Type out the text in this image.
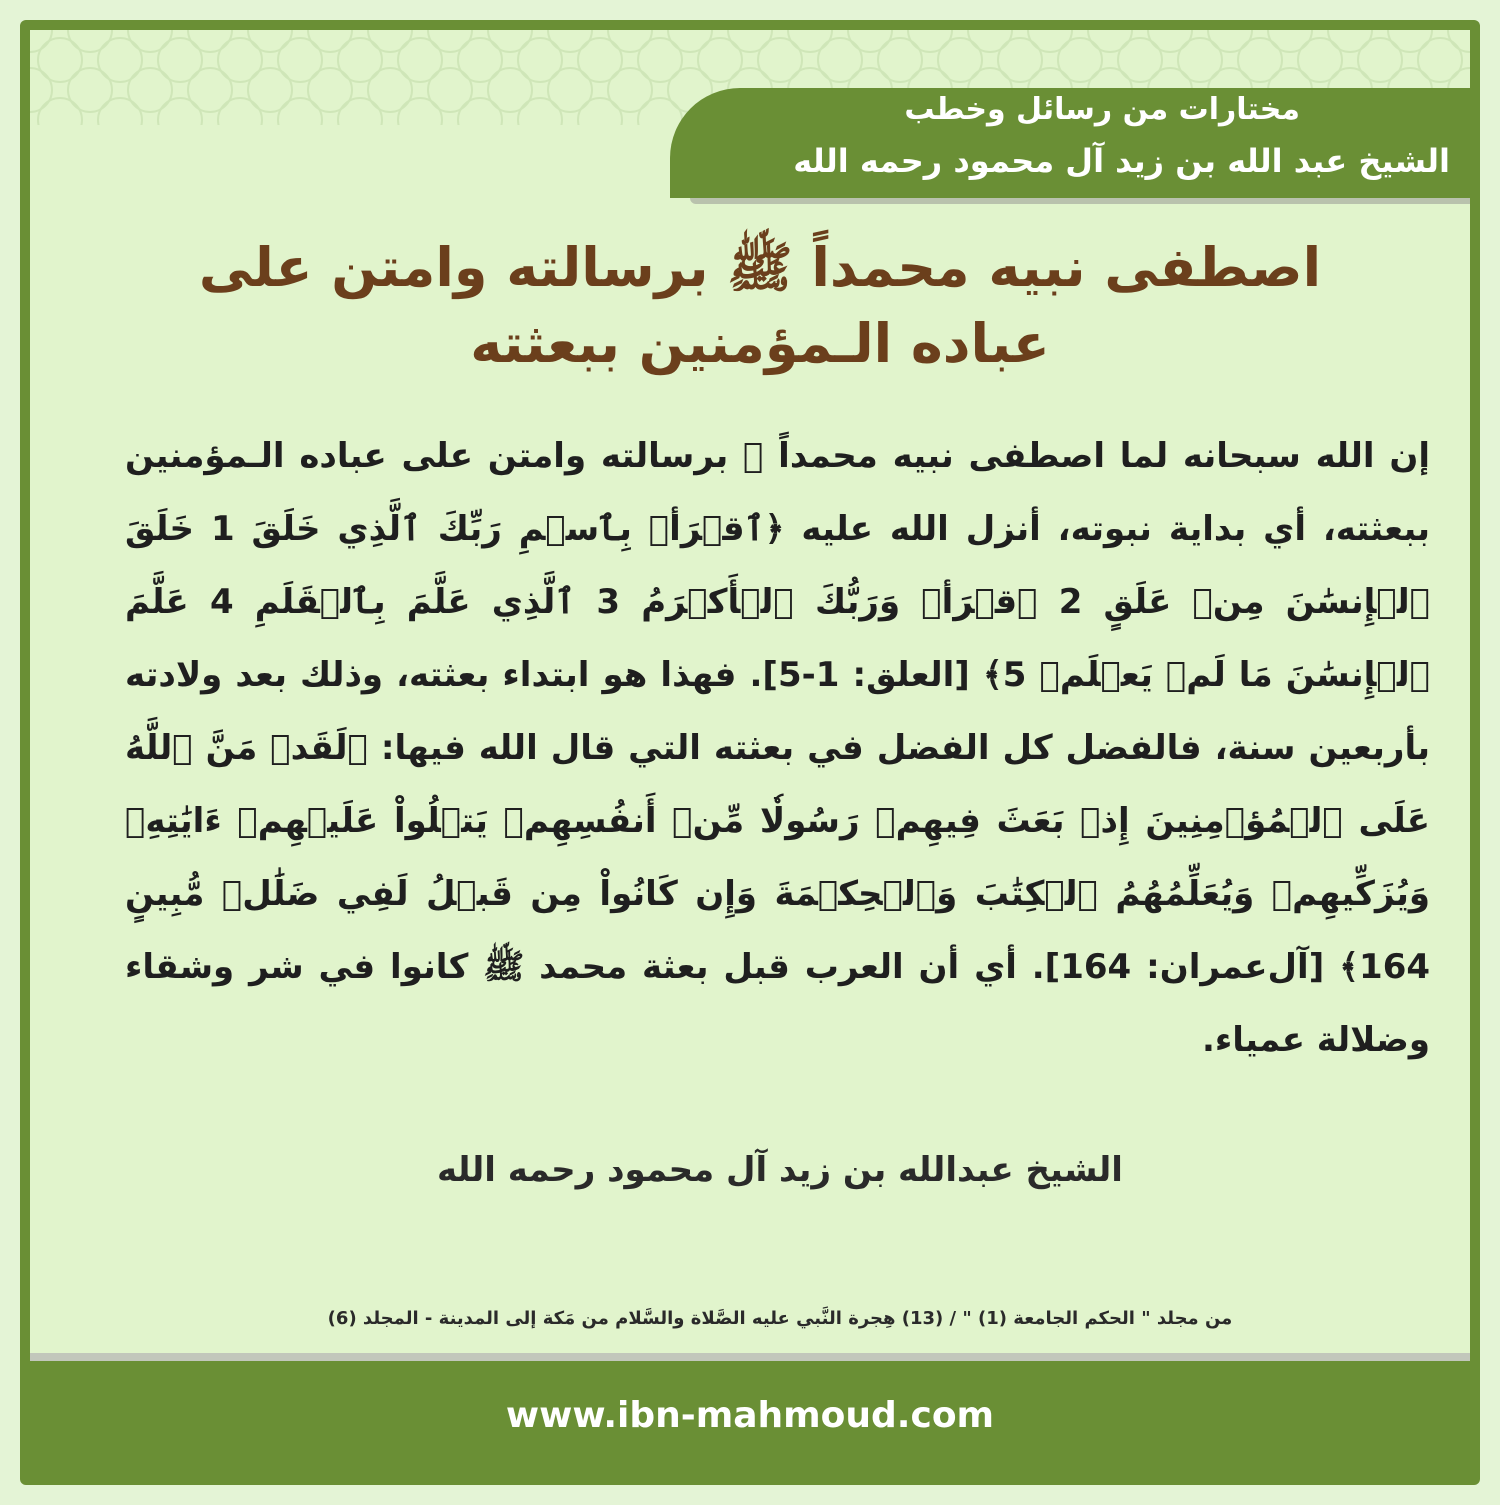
مختارات من رسائل وخطب
الشيخ عبد الله بن زيد آل محمود رحمه الله
اصطفى نبيه محمداً ﷺ برسالته وامتن على عباده الـمؤمنين ببعثته
إن الله سبحانه لما اصطفى نبيه محمداً ﷺ برسالته وامتن على عباده الـمؤمنين ببعثته، أي بداية نبوته، أنزل الله عليه ﴿ٱقۡرَأۡ بِٱسۡمِ رَبِّكَ ٱلَّذِي خَلَقَ 1 خَلَقَ ٱلۡإِنسَٰنَ مِنۡ عَلَقٍ 2 ٱقۡرَأۡ وَرَبُّكَ ٱلۡأَكۡرَمُ 3 ٱلَّذِي عَلَّمَ بِٱلۡقَلَمِ 4 عَلَّمَ ٱلۡإِنسَٰنَ مَا لَمۡ يَعۡلَمۡ 5﴾ [العلق: 1-5]. فهذا هو ابتداء بعثته، وذلك بعد ولادته بأربعين سنة، فالفضل كل الفضل في بعثته التي قال الله فيها: ﴿لَقَدۡ مَنَّ ٱللَّهُ عَلَى ٱلۡمُؤۡمِنِينَ إِذۡ بَعَثَ فِيهِمۡ رَسُولٗا مِّنۡ أَنفُسِهِمۡ يَتۡلُواْ عَلَيۡهِمۡ ءَايَٰتِهِۦ وَيُزَكِّيهِمۡ وَيُعَلِّمُهُمُ ٱلۡكِتَٰبَ وَٱلۡحِكۡمَةَ وَإِن كَانُواْ مِن قَبۡلُ لَفِي ضَلَٰلٖ مُّبِينٍ 164﴾ [آل‌عمران: 164]. أي أن العرب قبل بعثة محمد ﷺ كانوا في شر وشقاء وضلالة عمياء.
الشيخ عبدالله بن زيد آل محمود رحمه الله
من مجلد " الحكم الجامعة (1) " / (13) هِجرة النَّبي عليه الصَّلاة والسَّلام من مَكة إلى المدينة - المجلد (6)
www.ibn-mahmoud.com
